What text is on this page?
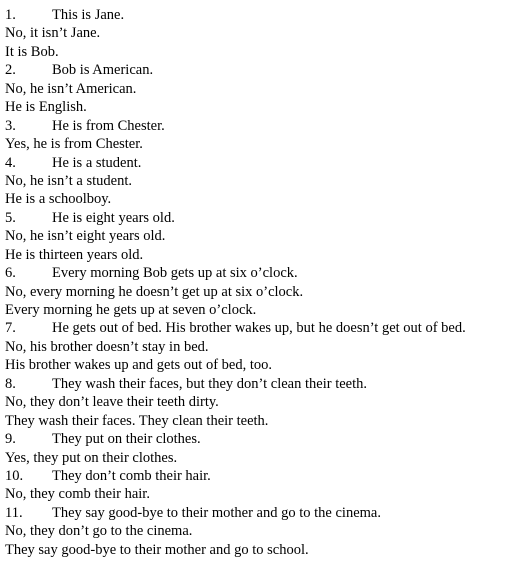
1. This is Jane.
No, it isn’t Jane.
It is Bob.
2. Bob is American.
No, he isn’t American.
He is English.
3. He is from Chester.
Yes, he is from Chester.
4. He is a student.
No, he isn’t a student.
He is a schoolboy.
5. He is eight years old.
No, he isn’t eight years old.
He is thirteen years old.
6. Every morning Bob gets up at six o’clock.
No, every morning he doesn’t get up at six o’clock.
Every morning he gets up at seven o’clock.
7. He gets out of bed. His brother wakes up, but he doesn’t get out of bed.
No, his brother doesn’t stay in bed.
His brother wakes up and gets out of bed, too.
8. They wash their faces, but they don’t clean their teeth.
No, they don’t leave their teeth dirty.
They wash their faces. They clean their teeth.
9. They put on their clothes.
Yes, they put on their clothes.
10. They don’t comb their hair.
No, they comb their hair.
11. They say good-bye to their mother and go to the cinema.
No, they don’t go to the cinema.
They say good-bye to their mother and go to school.
